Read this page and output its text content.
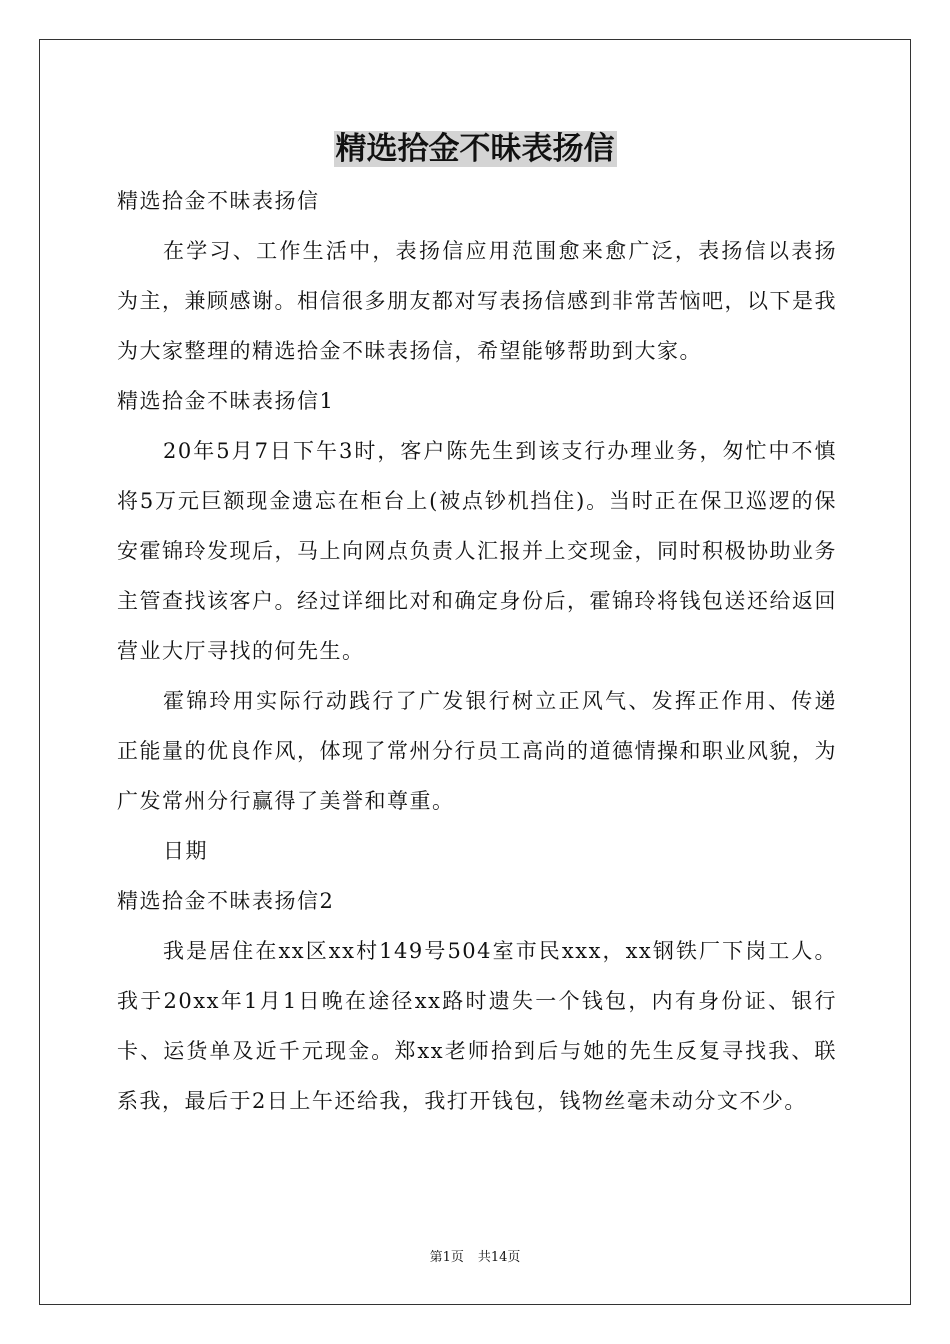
精选拾金不昧表扬信

精选拾金不昧表扬信

在学习、工作生活中，表扬信应用范围愈来愈广泛，表扬信以表扬为主，兼顾感谢。相信很多朋友都对写表扬信感到非常苦恼吧，以下是我为大家整理的精选拾金不昧表扬信，希望能够帮助到大家。

精选拾金不昧表扬信1

20年5月7日下午3时，客户陈先生到该支行办理业务，匆忙中不慎将5万元巨额现金遗忘在柜台上(被点钞机挡住)。当时正在保卫巡逻的保安霍锦玲发现后，马上向网点负责人汇报并上交现金，同时积极协助业务主管查找该客户。经过详细比对和确定身份后，霍锦玲将钱包送还给返回营业大厅寻找的何先生。

霍锦玲用实际行动践行了广发银行树立正风气、发挥正作用、传递正能量的优良作风，体现了常州分行员工高尚的道德情操和职业风貌，为广发常州分行赢得了美誉和尊重。

日期

精选拾金不昧表扬信2

我是居住在xx区xx村149号504室市民xxx，xx钢铁厂下岗工人。我于20xx年1月1日晚在途径xx路时遗失一个钱包，内有身份证、银行卡、运货单及近千元现金。郑xx老师拾到后与她的先生反复寻找我、联系我，最后于2日上午还给我，我打开钱包，钱物丝毫未动分文不少。

第1页 共14页
